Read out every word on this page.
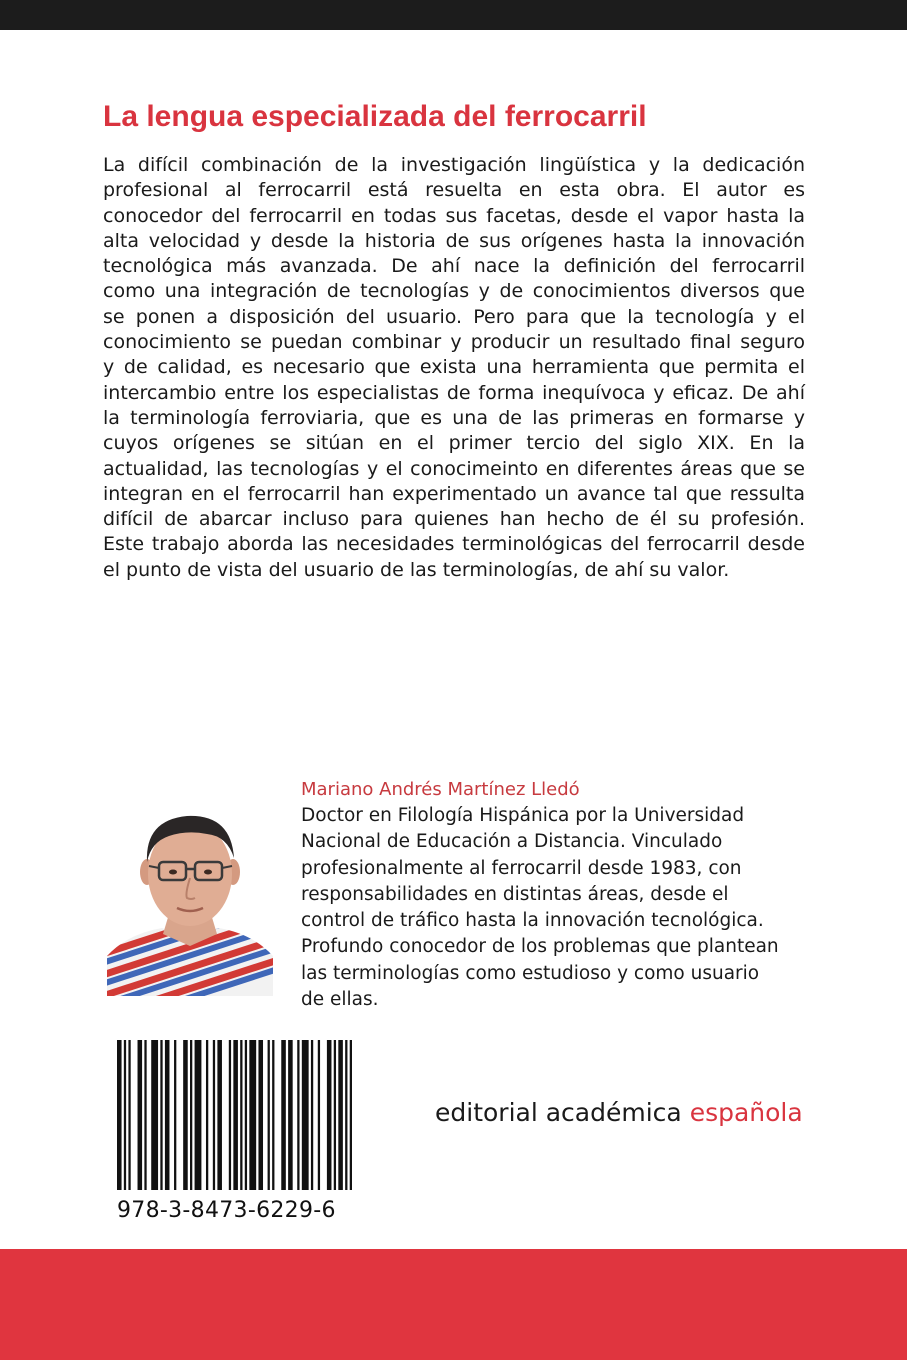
La lengua especializada del ferrocarril
La difícil combinación de la investigación lingüística y la dedicación
profesional al ferrocarril está resuelta en esta obra. El autor es
conocedor del ferrocarril en todas sus facetas, desde el vapor hasta la
alta velocidad y desde la historia de sus orígenes hasta la innovación
tecnológica más avanzada. De ahí nace la definición del ferrocarril
como una integración de tecnologías y de conocimientos diversos que
se ponen a disposición del usuario. Pero para que la tecnología y el
conocimiento se puedan combinar y producir un resultado final seguro
y de calidad, es necesario que exista una herramienta que permita el
intercambio entre los especialistas de forma inequívoca y eficaz. De ahí
la terminología ferroviaria, que es una de las primeras en formarse y
cuyos orígenes se sitúan en el primer tercio del siglo XIX. En la
actualidad, las tecnologías y el conocimeinto en diferentes áreas que se
integran en el ferrocarril han experimentado un avance tal que ressulta
difícil de abarcar incluso para quienes han hecho de él su profesión.
Este trabajo aborda las necesidades terminológicas del ferrocarril desde
el punto de vista del usuario de las terminologías, de ahí su valor.
Mariano Andrés Martínez Lledó
Doctor en Filología Hispánica por la Universidad
Nacional de Educación a Distancia. Vinculado
profesionalmente al ferrocarril desde 1983, con
responsabilidades en distintas áreas, desde el
control de tráfico hasta la innovación tecnológica.
Profundo conocedor de los problemas que plantean
las terminologías como estudioso y como usuario
de ellas.
978-3-8473-6229-6
editorial académica española
